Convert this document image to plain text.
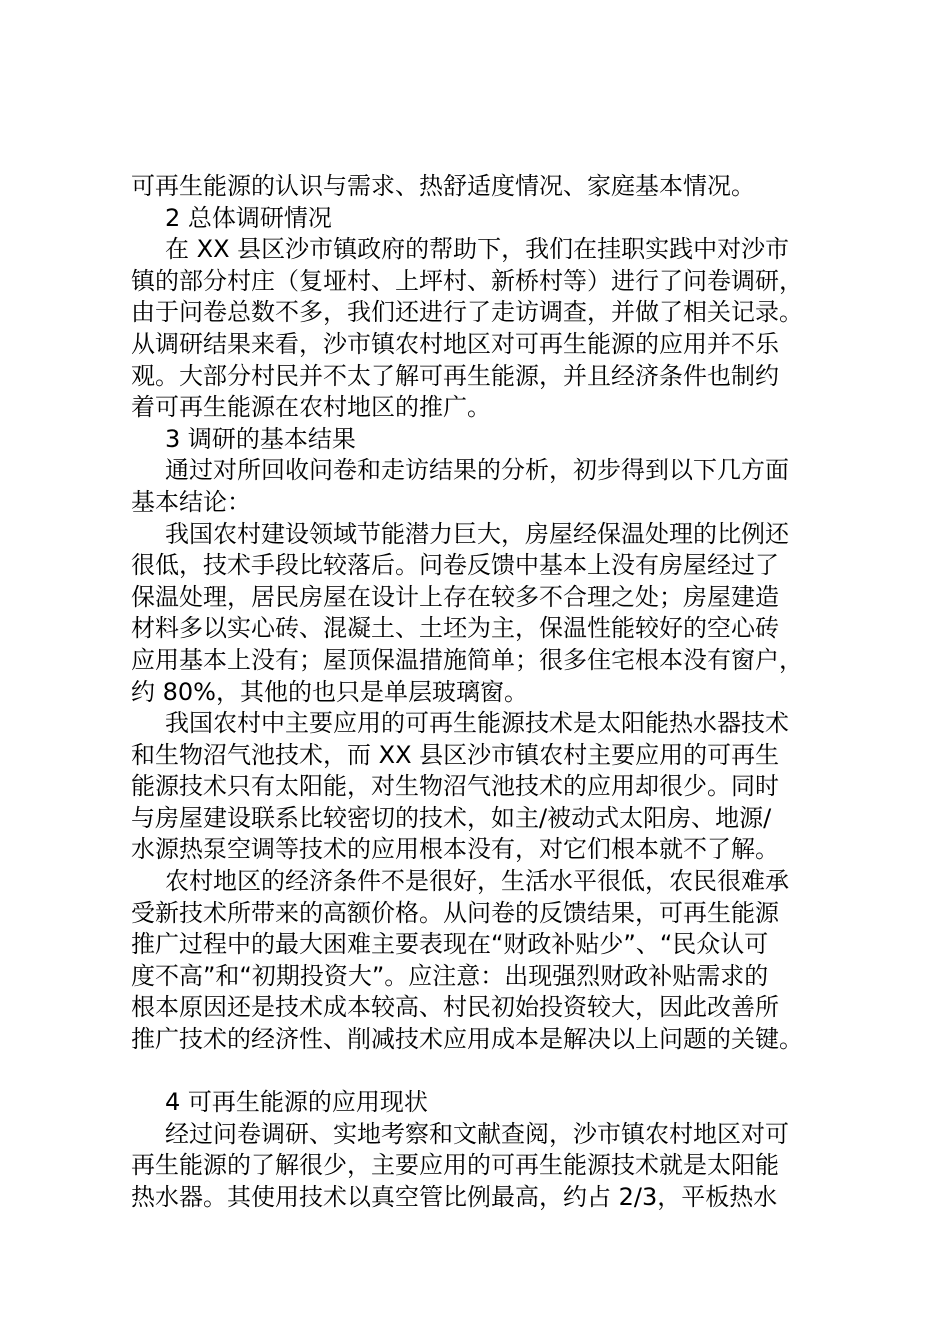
可再生能源的认识与需求、热舒适度情况、家庭基本情况。
2 总体调研情况
在 XX 县区沙市镇政府的帮助下，我们在挂职实践中对沙市
镇的部分村庄（复垭村、上坪村、新桥村等）进行了问卷调研，
由于问卷总数不多，我们还进行了走访调查，并做了相关记录。
从调研结果来看，沙市镇农村地区对可再生能源的应用并不乐
观。大部分村民并不太了解可再生能源，并且经济条件也制约
着可再生能源在农村地区的推广。
3 调研的基本结果
通过对所回收问卷和走访结果的分析，初步得到以下几方面
基本结论：
我国农村建设领域节能潜力巨大，房屋经保温处理的比例还
很低，技术手段比较落后。问卷反馈中基本上没有房屋经过了
保温处理，居民房屋在设计上存在较多不合理之处；房屋建造
材料多以实心砖、混凝土、土坯为主，保温性能较好的空心砖
应用基本上没有；屋顶保温措施简单；很多住宅根本没有窗户，
约 80%，其他的也只是单层玻璃窗。
我国农村中主要应用的可再生能源技术是太阳能热水器技术
和生物沼气池技术，而 XX 县区沙市镇农村主要应用的可再生
能源技术只有太阳能，对生物沼气池技术的应用却很少。同时
与房屋建设联系比较密切的技术，如主/被动式太阳房、地源/
水源热泵空调等技术的应用根本没有，对它们根本就不了解。
农村地区的经济条件不是很好，生活水平很低，农民很难承
受新技术所带来的高额价格。从问卷的反馈结果，可再生能源
推广过程中的最大困难主要表现在“财政补贴少”、“民众认可
度不高”和“初期投资大”。应注意：出现强烈财政补贴需求的
根本原因还是技术成本较高、村民初始投资较大，因此改善所
推广技术的经济性、削减技术应用成本是解决以上问题的关键。
4 可再生能源的应用现状
经过问卷调研、实地考察和文献查阅，沙市镇农村地区对可
再生能源的了解很少，主要应用的可再生能源技术就是太阳能
热水器。其使用技术以真空管比例最高，约占 2/3，平板热水
